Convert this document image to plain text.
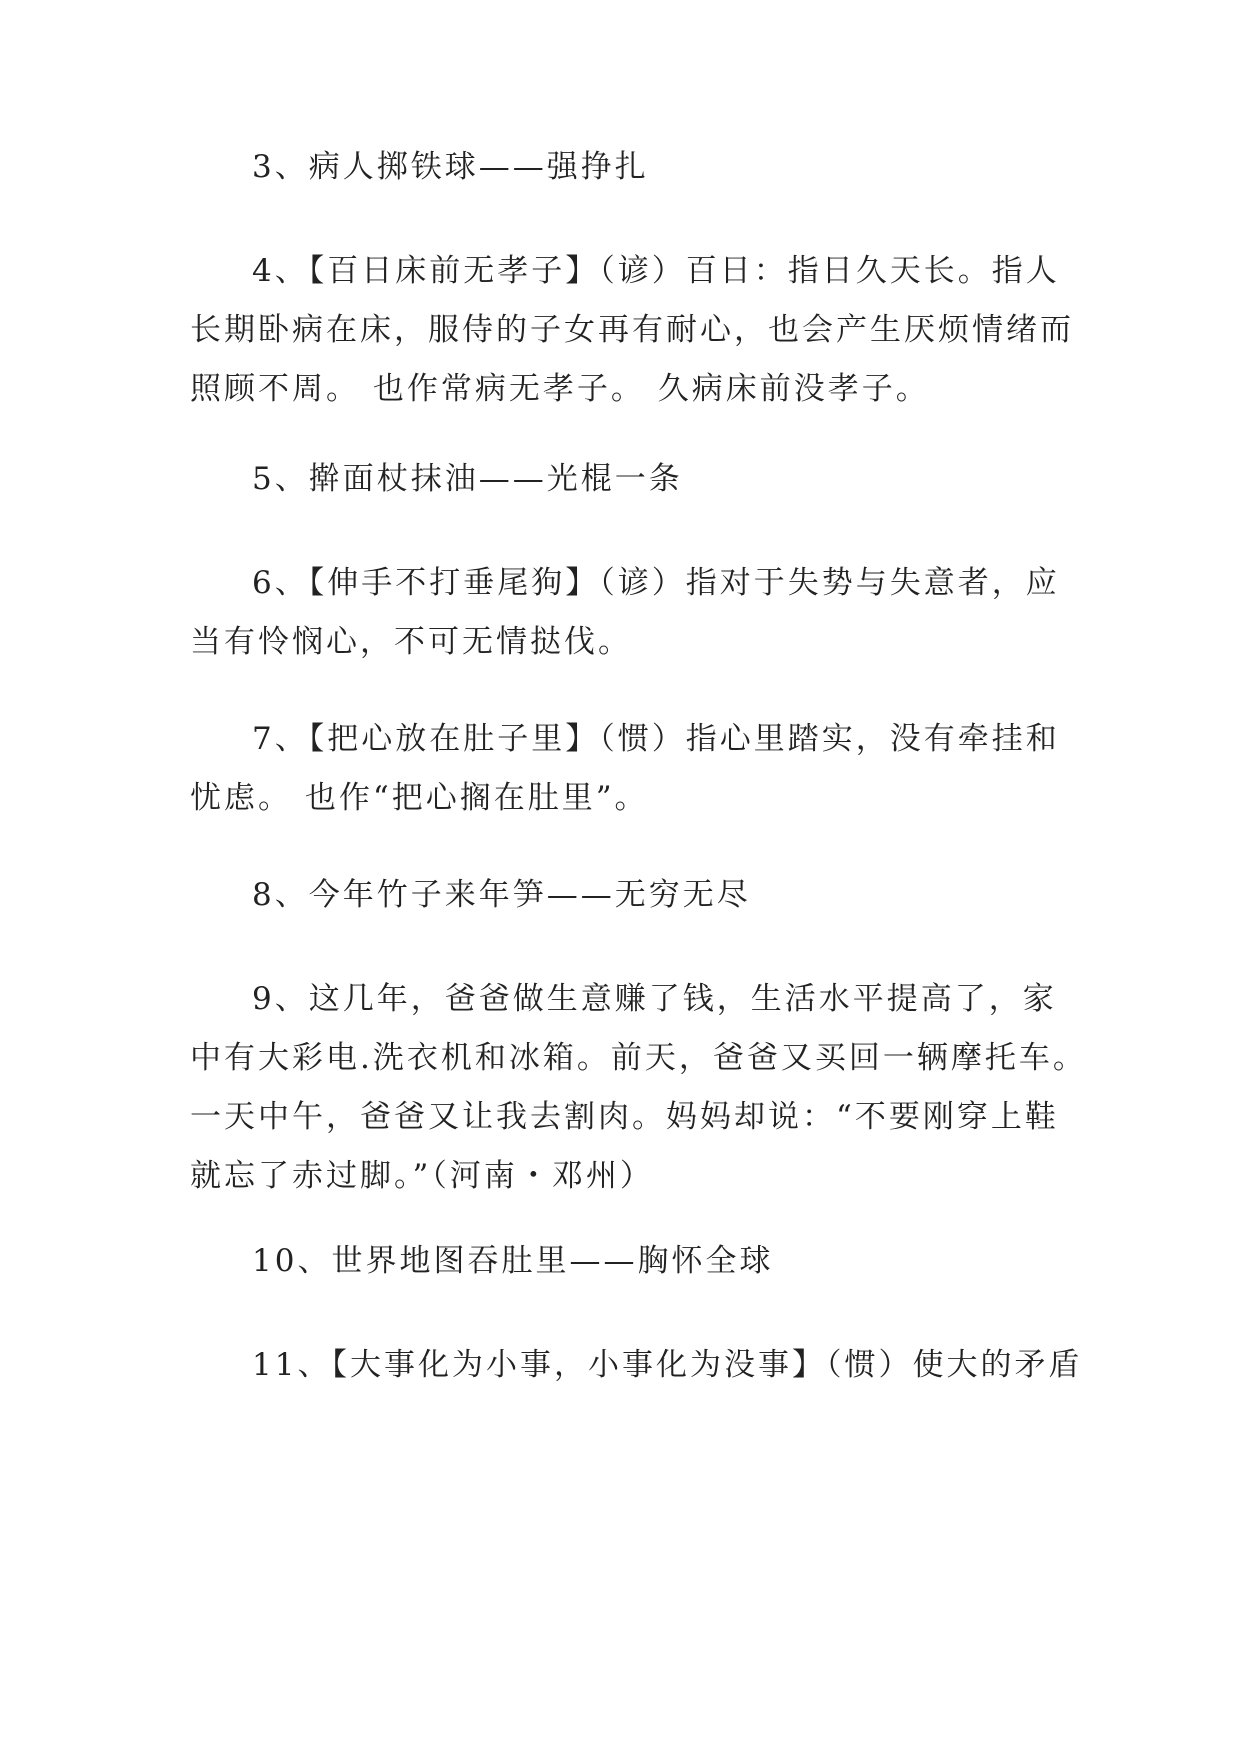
3、病人掷铁球——强挣扎

4、【百日床前无孝子】（谚）百日：指日久天长。指人
长期卧病在床，服侍的子女再有耐心，也会产生厌烦情绪而
照顾不周。 也作常病无孝子。 久病床前没孝子。

5、擀面杖抹油——光棍一条

6、【伸手不打垂尾狗】（谚）指对于失势与失意者，应
当有怜悯心，不可无情挞伐。

7、【把心放在肚子里】（惯）指心里踏实，没有牵挂和
忧虑。 也作“把心搁在肚里”。

8、今年竹子来年笋——无穷无尽

9、这几年，爸爸做生意赚了钱，生活水平提高了，家
中有大彩电.洗衣机和冰箱。前天，爸爸又买回一辆摩托车。
一天中午，爸爸又让我去割肉。妈妈却说：“不要刚穿上鞋
就忘了赤过脚。”（河南・邓州）

10、世界地图吞肚里——胸怀全球

11、【大事化为小事，小事化为没事】（惯）使大的矛盾
